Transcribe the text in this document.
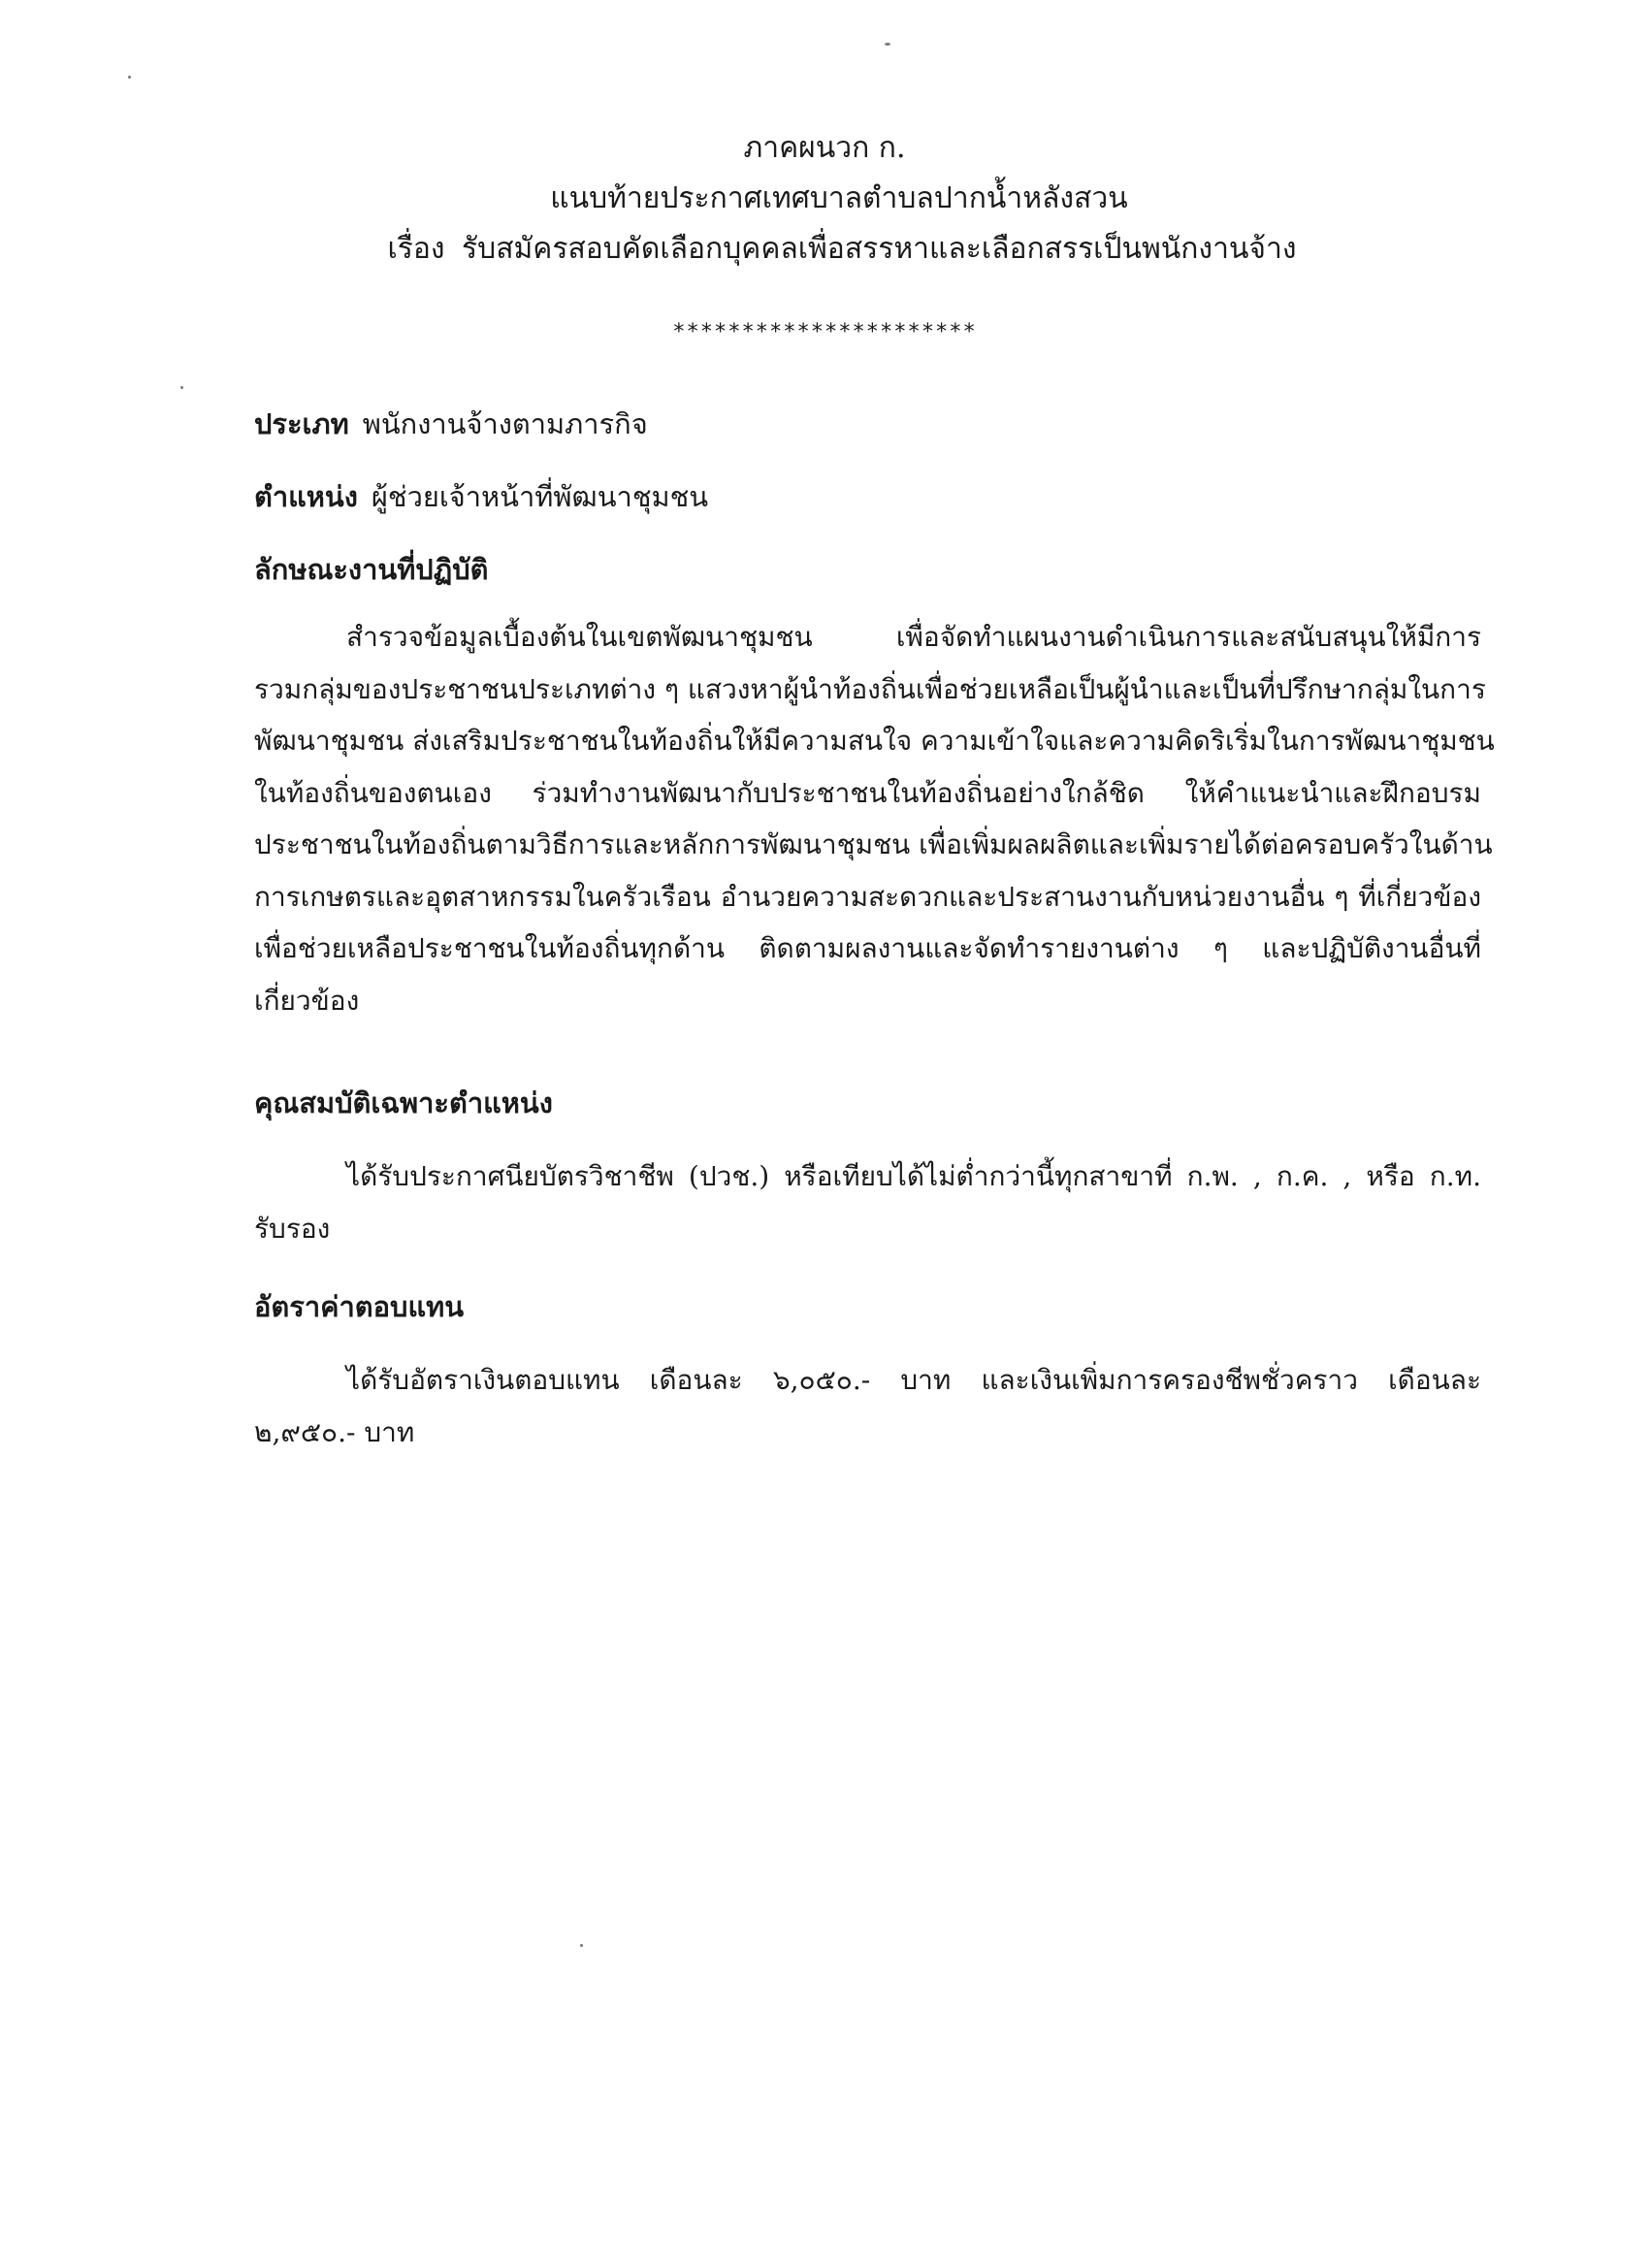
ภาคผนวก ก.
แนบท้ายประกาศเทศบาลตำบลปากน้ำหลังสวน
เรื่อง รับสมัครสอบคัดเลือกบุคคลเพื่อสรรหาและเลือกสรรเป็นพนักงานจ้าง
**********************
ประเภท พนักงานจ้างตามภารกิจ
ตำแหน่ง ผู้ช่วยเจ้าหน้าที่พัฒนาชุมชน
ลักษณะงานที่ปฏิบัติ
สำรวจข้อมูลเบื้องต้นในเขตพัฒนาชุมชน เพื่อจัดทำแผนงานดำเนินการและสนับสนุนให้มีการ
รวมกลุ่มของประชาชนประเภทต่าง ๆ แสวงหาผู้นำท้องถิ่นเพื่อช่วยเหลือเป็นผู้นำและเป็นที่ปรึกษากลุ่มในการ
พัฒนาชุมชน ส่งเสริมประชาชนในท้องถิ่นให้มีความสนใจ ความเข้าใจและความคิดริเริ่มในการพัฒนาชุมชน
ในท้องถิ่นของตนเอง ร่วมทำงานพัฒนากับประชาชนในท้องถิ่นอย่างใกล้ชิด ให้คำแนะนำและฝึกอบรม
ประชาชนในท้องถิ่นตามวิธีการและหลักการพัฒนาชุมชน เพื่อเพิ่มผลผลิตและเพิ่มรายได้ต่อครอบครัวในด้าน
การเกษตรและอุตสาหกรรมในครัวเรือน อำนวยความสะดวกและประสานงานกับหน่วยงานอื่น ๆ ที่เกี่ยวข้อง
เพื่อช่วยเหลือประชาชนในท้องถิ่นทุกด้าน ติดตามผลงานและจัดทำรายงานต่าง ๆ และปฏิบัติงานอื่นที่
เกี่ยวข้อง
คุณสมบัติเฉพาะตำแหน่ง
ได้รับประกาศนียบัตรวิชาชีพ (ปวช.) หรือเทียบได้ไม่ต่ำกว่านี้ทุกสาขาที่ ก.พ. , ก.ค. , หรือ ก.ท.
รับรอง
อัตราค่าตอบแทน
ได้รับอัตราเงินตอบแทน เดือนละ ๖,๐๕๐.- บาท และเงินเพิ่มการครองชีพชั่วคราว เดือนละ
๒,๙๕๐.- บาท
